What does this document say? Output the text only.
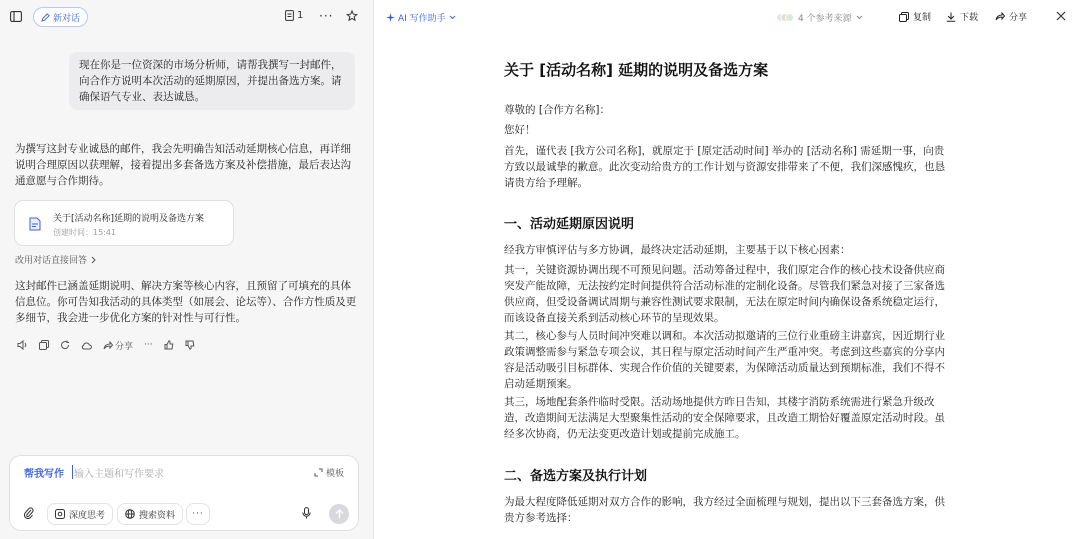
新对话	1 ···
现在你是一位资深的市场分析师，请帮我撰写一封邮件，向合作方说明本次活动的延期原因，并提出备选方案。请确保语气专业、表达诚恳。
为撰写这封专业诚恳的邮件，我会先明确告知活动延期核心信息，再详细说明合理原因以获理解，接着提出多套备选方案及补偿措施，最后表达沟通意愿与合作期待。
关于[活动名称]延期的说明及备选方案
创建时间：15:41
改用对话直接回答
这封邮件已涵盖延期说明、解决方案等核心内容，且预留了可填充的具体信息位。你可告知我活动的具体类型（如展会、论坛等）、合作方性质及更多细节，我会进一步优化方案的针对性与可行性。
分享 ···
帮我写作 输入主题和写作要求	模板
深度思考	搜索资料	···
AI 写作助手	4 个参考来源	复制	下载	分享
关于 [活动名称] 延期的说明及备选方案
尊敬的 [合作方名称]：
您好！
首先，谨代表 [我方公司名称]，就原定于 [原定活动时间] 举办的 [活动名称] 需延期一事，向贵方致以最诚挚的歉意。此次变动给贵方的工作计划与资源安排带来了不便，我们深感愧疚，也恳请贵方给予理解。
一、活动延期原因说明
经我方审慎评估与多方协调，最终决定活动延期，主要基于以下核心因素：
其一，关键资源协调出现不可预见问题。活动筹备过程中，我们原定合作的核心技术设备供应商突发产能故障，无法按约定时间提供符合活动标准的定制化设备。尽管我们紧急对接了三家备选供应商，但受设备调试周期与兼容性测试要求限制，无法在原定时间内确保设备系统稳定运行，而该设备直接关系到活动核心环节的呈现效果。
其二，核心参与人员时间冲突难以调和。本次活动拟邀请的三位行业重磅主讲嘉宾，因近期行业政策调整需参与紧急专项会议，其日程与原定活动时间产生严重冲突。考虑到这些嘉宾的分享内容是活动吸引目标群体、实现合作价值的关键要素，为保障活动质量达到预期标准，我们不得不启动延期预案。
其三，场地配套条件临时受限。活动场地提供方昨日告知，其楼宇消防系统需进行紧急升级改造，改造期间无法满足大型聚集性活动的安全保障要求，且改造工期恰好覆盖原定活动时段。虽经多次协商，仍无法变更改造计划或提前完成施工。
二、备选方案及执行计划
为最大程度降低延期对双方合作的影响，我方经过全面梳理与规划，提出以下三套备选方案，供贵方参考选择：
